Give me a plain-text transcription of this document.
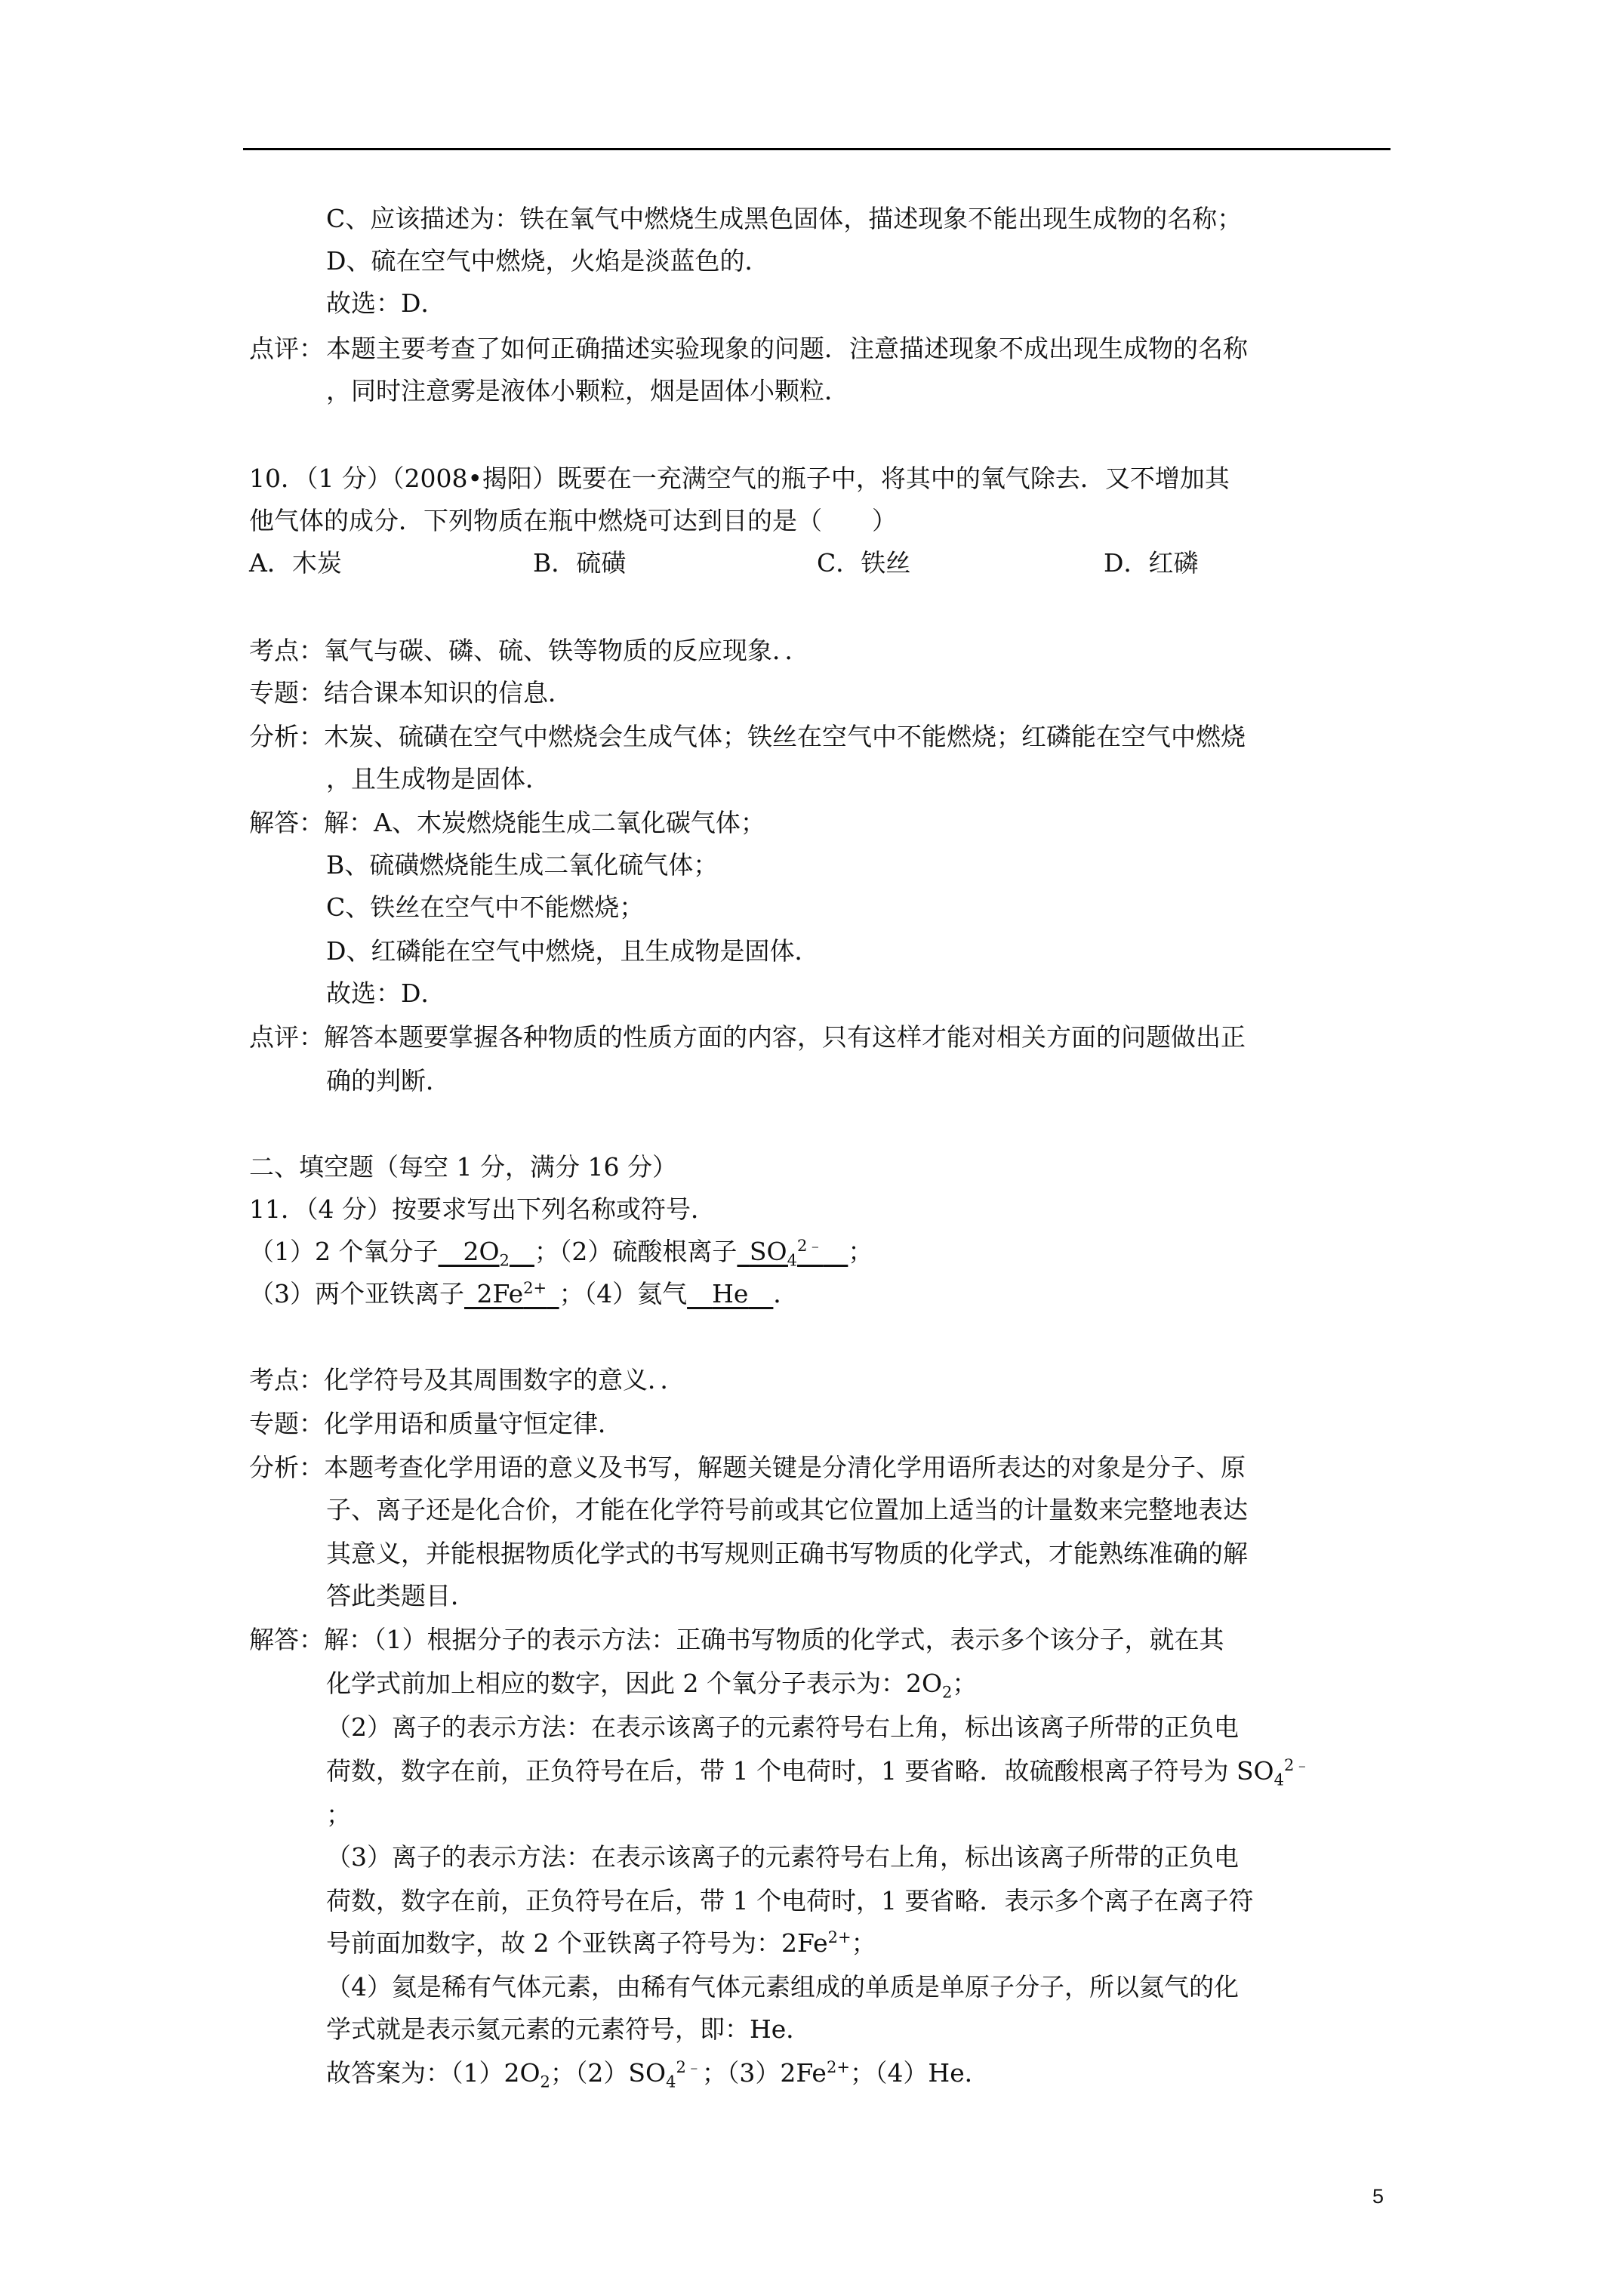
C、应该描述为：铁在氧气中燃烧生成黑色固体，描述现象不能出现生成物的名称；
D、硫在空气中燃烧，火焰是淡蓝色的．
故选：D．
点评： 本题主要考查了如何正确描述实验现象的问题．注意描述现象不成出现生成物的名称
，同时注意雾是液体小颗粒，烟是固体小颗粒．
10．（1 分）（2008•揭阳）既要在一充满空气的瓶子中，将其中的氧气除去．又不增加其
他气体的成分．下列物质在瓶中燃烧可达到目的是（　　）
A．木炭	B．硫磺	C．铁丝	D．红磷
考点：氧气与碳、磷、硫、铁等物质的反应现象．．
专题：结合课本知识的信息．
分析：木炭、硫磺在空气中燃烧会生成气体；铁丝在空气中不能燃烧；红磷能在空气中燃烧
，且生成物是固体．
解答：解：A、木炭燃烧能生成二氧化碳气体；
B、硫磺燃烧能生成二氧化硫气体；
C、铁丝在空气中不能燃烧；
D、红磷能在空气中燃烧，且生成物是固体．
故选：D．
点评：解答本题要掌握各种物质的性质方面的内容，只有这样才能对相关方面的问题做出正
确的判断．
二、填空题（每空 1 分，满分 16 分）
11．（4 分）按要求写出下列名称或符号．
（1）2 个氧分子  $2O_2$  ；（2）硫酸根离子  $SO_4^{2﹣}$  ；
（3）两个亚铁离子  $2Fe^{2+}$  ；（4）氦气  He  ．
考点：化学符号及其周围数字的意义．．
专题：化学用语和质量守恒定律．
分析：本题考查化学用语的意义及书写，解题关键是分清化学用语所表达的对象是分子、原
子、离子还是化合价，才能在化学符号前或其它位置加上适当的计量数来完整地表达
其意义，并能根据物质化学式的书写规则正确书写物质的化学式，才能熟练准确的解
答此类题目．
解答：解：（1）根据分子的表示方法：正确书写物质的化学式，表示多个该分子，就在其
化学式前加上相应的数字，因此 2 个氧分子表示为：$2O_2$；
（2）离子的表示方法：在表示该离子的元素符号右上角，标出该离子所带的正负电
荷数，数字在前，正负符号在后，带 1 个电荷时，1 要省略．故硫酸根离子符号为 $SO_4^{2﹣}$
；
（3）离子的表示方法：在表示该离子的元素符号右上角，标出该离子所带的正负电
荷数，数字在前，正负符号在后，带 1 个电荷时，1 要省略．表示多个离子在离子符
号前面加数字，故 2 个亚铁离子符号为：$2Fe^{2+}$；
（4）氦是稀有气体元素，由稀有气体元素组成的单质是单原子分子，所以氦气的化
学式就是表示氦元素的元素符号，即：He．
故答案为：$(1)2O_2$；$(2)SO_4^{2﹣}$；$(3)2Fe^{2+}$；（4）He．
5
